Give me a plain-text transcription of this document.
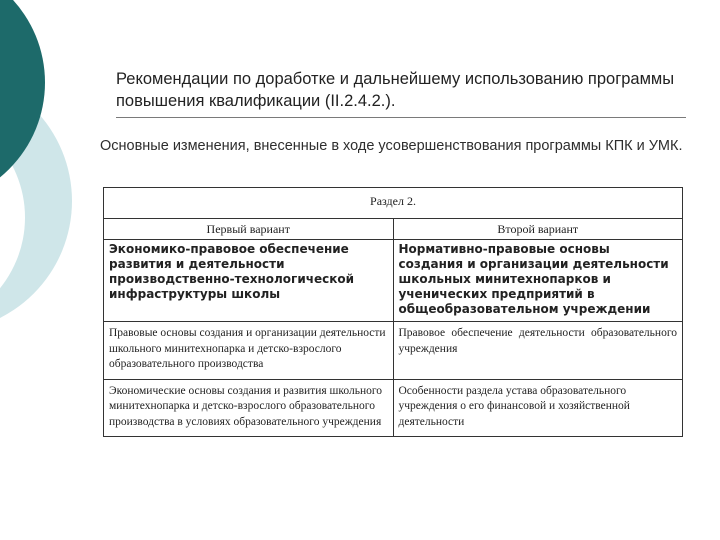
Рекомендации по доработке и дальнейшему использованию программы повышения квалификации (II.2.4.2.).
Основные изменения, внесенные в ходе усовершенствования программы КПК и УМК.
Раздел 2.	
Первый вариант	Второй вариант
Экономико-правовое обеспечение развития и деятельности производственно-технологической инфраструктуры школы	Нормативно-правовые основы создания и организации деятельности школьных минитехнопарков и ученических предприятий в общеобразовательном учреждении
Правовые основы создания и организации деятельности школьного минитехнопарка и детско-взрослого образовательного производства	Правовое обеспечение деятельности образовательного учреждения
Экономические основы создания и развития школьного минитехнопарка и детско-взрослого образовательного производства в условиях образовательного учреждения	Особенности раздела устава образовательного учреждения о его финансовой и хозяйственной деятельности
